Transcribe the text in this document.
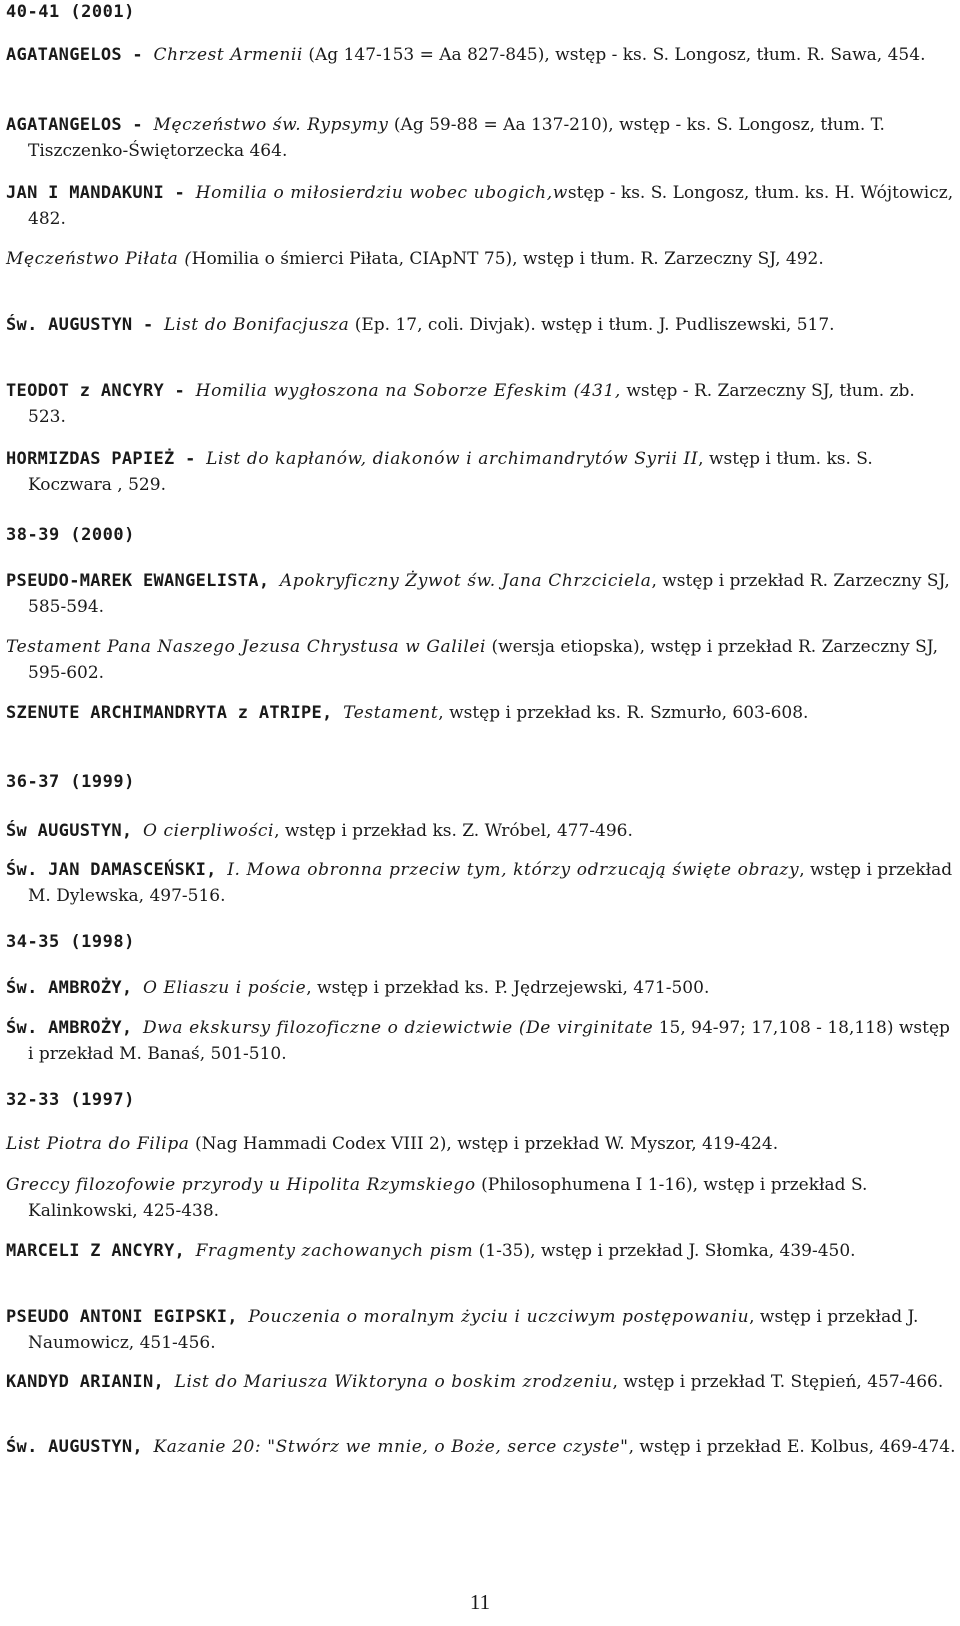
40-41 (2001)
AGATANGELOS - Chrzest Armenii (Ag 147-153 = Aa 827-845), wstęp - ks. S. Longosz, tłum. R. Sawa, 454.
AGATANGELOS - Męczeństwo św. Rypsymy (Ag 59-88 = Aa 137-210), wstęp - ks. S. Longosz, tłum. T. Tiszczenko-Świętorzecka 464.
JAN I MANDAKUNI - Homilia o miłosierdziu wobec ubogich,wstęp - ks. S. Longosz, tłum. ks. H. Wójtowicz, 482.
Męczeństwo Piłata (Homilia o śmierci Piłata, CIApNT 75), wstęp i tłum. R. Zarzeczny SJ, 492.
Św. AUGUSTYN - List do Bonifacjusza (Ep. 17, coli. Divjak). wstęp i tłum. J. Pudliszewski, 517.
TEODOT z ANCYRY - Homilia wygłoszona na Soborze Efeskim (431, wstęp - R. Zarzeczny SJ, tłum. zb. 523.
HORMIZDAS PAPIEŻ - List do kapłanów, diakonów i archimandrytów Syrii II, wstęp i tłum. ks. S. Koczwara , 529.
38-39 (2000)
PSEUDO-MAREK EWANGELISTA, Apokryficzny Żywot św. Jana Chrzciciela, wstęp i przekład R. Zarzeczny SJ, 585-594.
Testament Pana Naszego Jezusa Chrystusa w Galilei (wersja etiopska), wstęp i przekład R. Zarzeczny SJ, 595-602.
SZENUTE ARCHIMANDRYTA z ATRIPE, Testament, wstęp i przekład ks. R. Szmurło, 603-608.
36-37 (1999)
Św AUGUSTYN, O cierpliwości, wstęp i przekład ks. Z. Wróbel, 477-496.
Św. JAN DAMASCEŃSKI, I. Mowa obronna przeciw tym, którzy odrzucają święte obrazy, wstęp i przekład M. Dylewska, 497-516.
34-35 (1998)
Św. AMBROŻY, O Eliaszu i poście, wstęp i przekład ks. P. Jędrzejewski, 471-500.
Św. AMBROŻY, Dwa ekskursy filozoficzne o dziewictwie (De virginitate 15, 94-97; 17,108 - 18,118) wstęp i przekład M. Banaś, 501-510.
32-33 (1997)
List Piotra do Filipa (Nag Hammadi Codex VIII 2), wstęp i przekład W. Myszor, 419-424.
Greccy filozofowie przyrody u Hipolita Rzymskiego (Philosophumena I 1-16), wstęp i przekład S. Kalinkowski, 425-438.
MARCELI Z ANCYRY, Fragmenty zachowanych pism (1-35), wstęp i przekład J. Słomka, 439-450.
PSEUDO ANTONI EGIPSKI, Pouczenia o moralnym życiu i uczciwym postępowaniu, wstęp i przekład J. Naumowicz, 451-456.
KANDYD ARIANIN, List do Mariusza Wiktoryna o boskim zrodzeniu, wstęp i przekład T. Stępień, 457-466.
Św. AUGUSTYN, Kazanie 20: "Stwórz we mnie, o Boże, serce czyste", wstęp i przekład E. Kolbus, 469-474.
11
